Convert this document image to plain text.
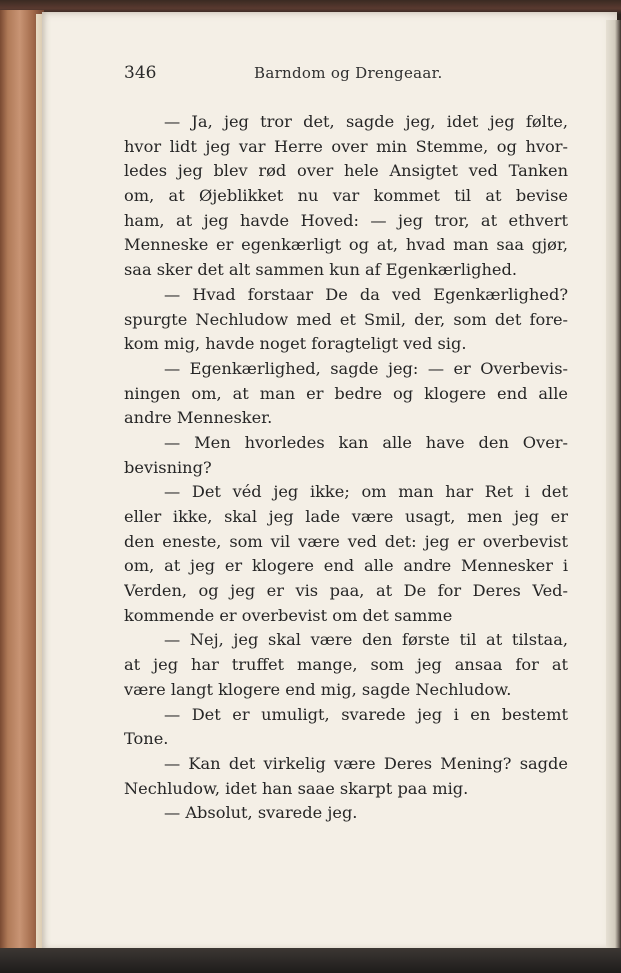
346	Barndom og Drengeaar.
— Ja, jeg tror det, sagde jeg, idet jeg følte,
hvor lidt jeg var Herre over min Stemme, og hvor-
ledes jeg blev rød over hele Ansigtet ved Tanken
om, at Øjeblikket nu var kommet til at bevise
ham, at jeg havde Hoved: — jeg tror, at ethvert
Menneske er egenkærligt og at, hvad man saa gjør,
saa sker det alt sammen kun af Egenkærlighed.
— Hvad forstaar De da ved Egenkærlighed?
spurgte Nechludow med et Smil, der, som det fore-
kom mig, havde noget foragteligt ved sig.
— Egenkærlighed, sagde jeg: — er Overbevis-
ningen om, at man er bedre og klogere end alle
andre Mennesker.
— Men hvorledes kan alle have den Over-
bevisning?
— Det véd jeg ikke; om man har Ret i det
eller ikke, skal jeg lade være usagt, men jeg er
den eneste, som vil være ved det: jeg er overbevist
om, at jeg er klogere end alle andre Mennesker i
Verden, og jeg er vis paa, at De for Deres Ved-
kommende er overbevist om det samme
— Nej, jeg skal være den første til at tilstaa,
at jeg har truffet mange, som jeg ansaa for at
være langt klogere end mig, sagde Nechludow.
— Det er umuligt, svarede jeg i en bestemt
Tone.
— Kan det virkelig være Deres Mening? sagde
Nechludow, idet han saae skarpt paa mig.
— Absolut, svarede jeg.
